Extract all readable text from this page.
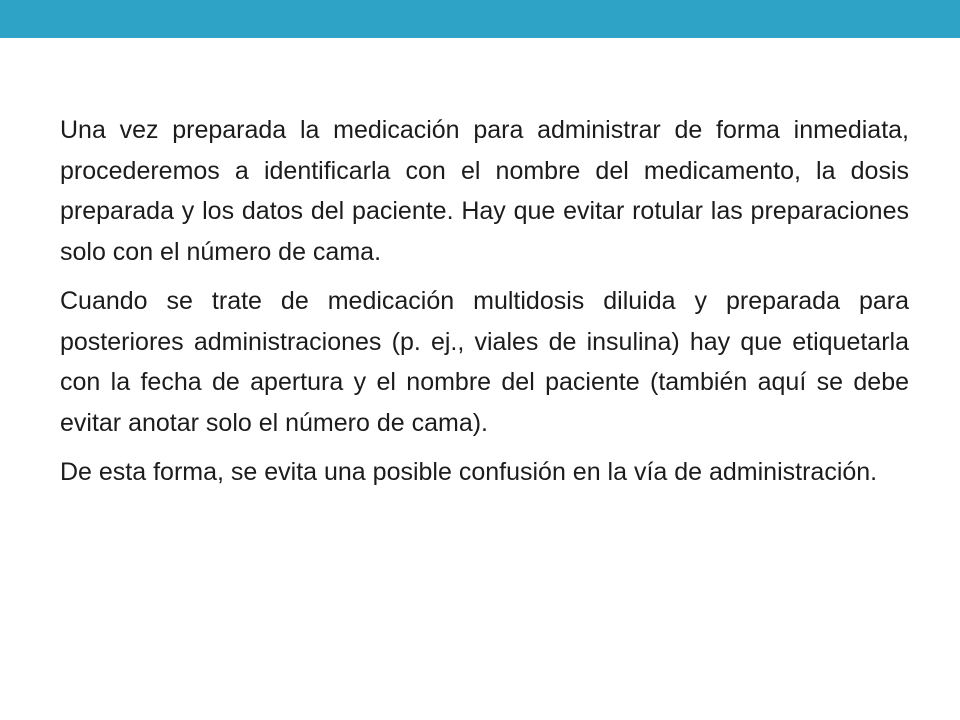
Una vez preparada la medicación para administrar de forma inmediata, procederemos a identificarla con el nombre del medicamento, la dosis preparada y los datos del paciente. Hay que evitar rotular las preparaciones solo con el número de cama.

Cuando se trate de medicación multidosis diluida y preparada para posteriores administraciones (p. ej., viales de insulina) hay que etiquetarla con la fecha de apertura y el nombre del paciente (también aquí se debe evitar anotar solo el número de cama).

De esta forma, se evita una posible confusión en la vía de administración.
